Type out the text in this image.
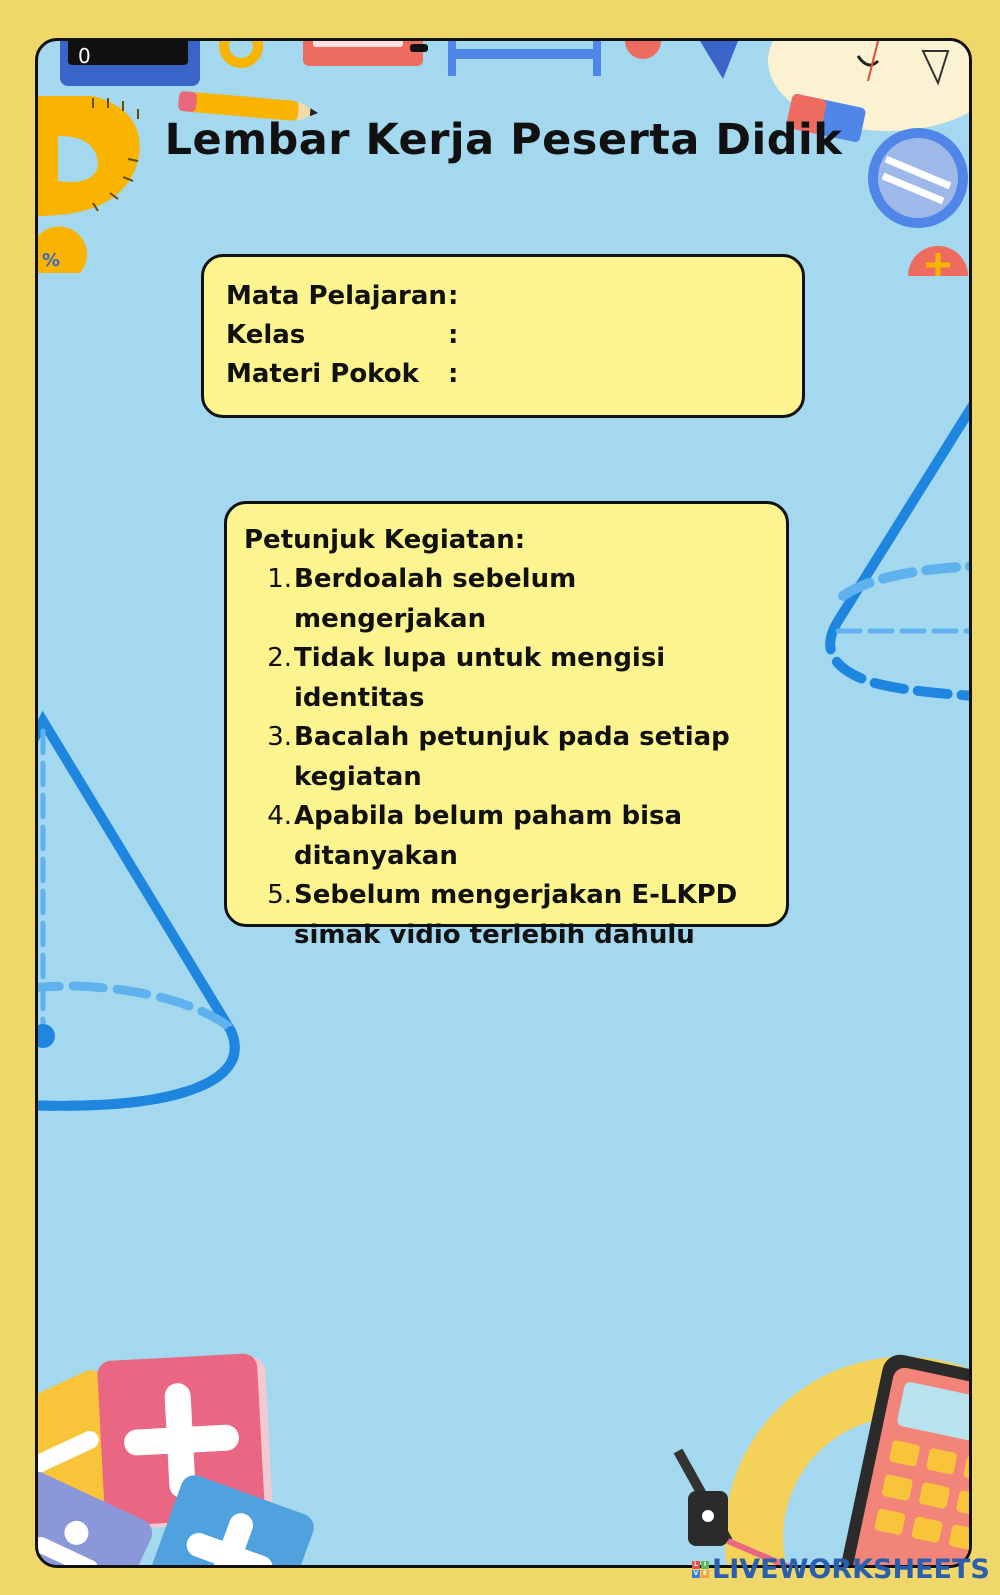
0
%
Lembar Kerja Peserta Didik
Mata Pelajaran :
Kelas	:
Materi Pokok	:
Petunjuk Kegiatan:
1. Berdoalah sebelum mengerjakan
2. Tidak lupa untuk mengisi identitas
3. Bacalah petunjuk pada setiap kegiatan
4. Apabila belum paham bisa ditanyakan
5. Sebelum mengerjakan E-LKPD simak vidio terlebih dahulu
L I
V E LIVEWORKSHEETS
